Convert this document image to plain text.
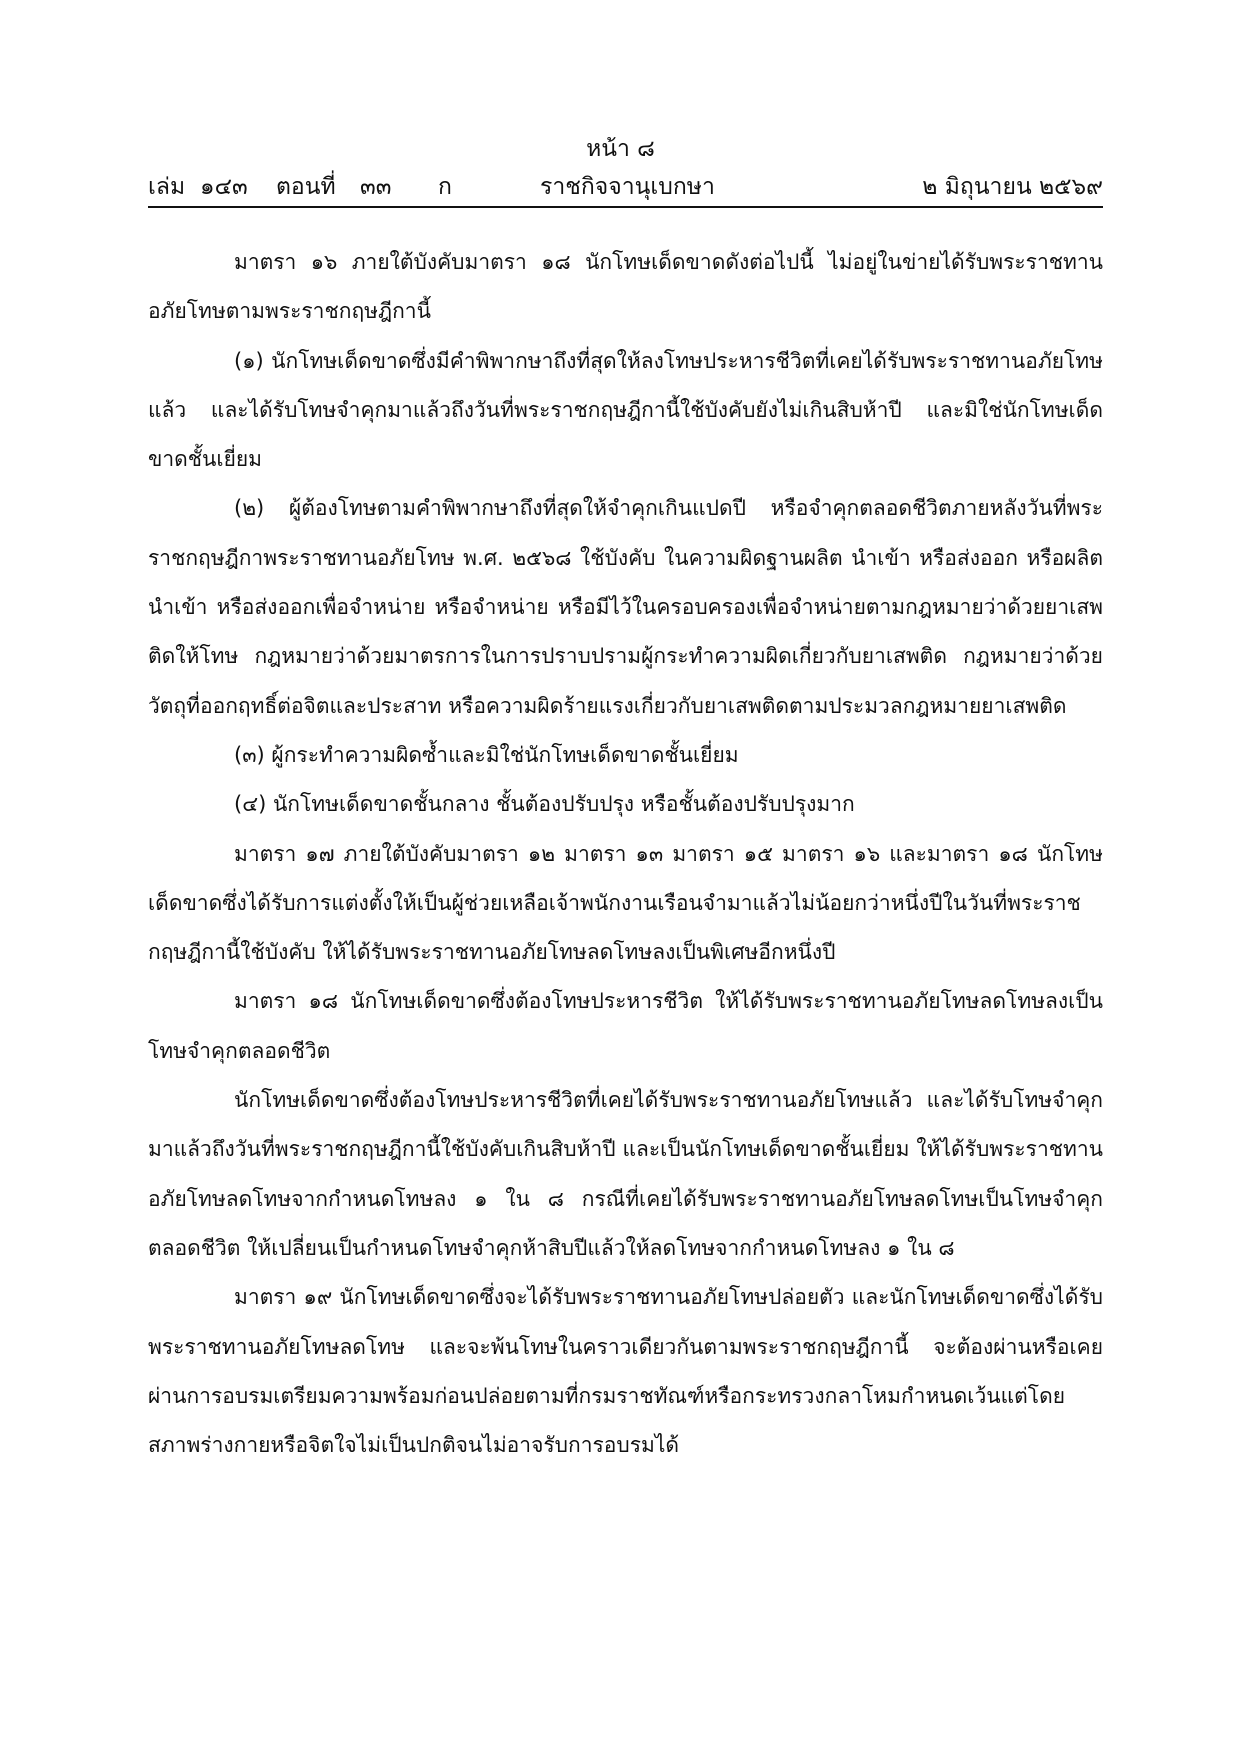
หน้า ๘
เล่ม ๑๔๓ ตอนที่ ๓๓ ก	ราชกิจจานุเบกษา	๒ มิถุนายน ๒๕๖๙

มาตรา ๑๖ ภายใต้บังคับมาตรา ๑๘ นักโทษเด็ดขาดดังต่อไปนี้ ไม่อยู่ในข่ายได้รับพระราชทานอภัยโทษตามพระราชกฤษฎีกานี้

(๑) นักโทษเด็ดขาดซึ่งมีคำพิพากษาถึงที่สุดให้ลงโทษประหารชีวิตที่เคยได้รับพระราชทานอภัยโทษแล้ว และได้รับโทษจำคุกมาแล้วถึงวันที่พระราชกฤษฎีกานี้ใช้บังคับยังไม่เกินสิบห้าปี และมิใช่นักโทษเด็ดขาดชั้นเยี่ยม

(๒) ผู้ต้องโทษตามคำพิพากษาถึงที่สุดให้จำคุกเกินแปดปี หรือจำคุกตลอดชีวิตภายหลังวันที่พระราชกฤษฎีกาพระราชทานอภัยโทษ พ.ศ. ๒๕๖๘ ใช้บังคับ ในความผิดฐานผลิต นำเข้า หรือส่งออก หรือผลิต นำเข้า หรือส่งออกเพื่อจำหน่าย หรือจำหน่าย หรือมีไว้ในครอบครองเพื่อจำหน่ายตามกฎหมายว่าด้วยยาเสพติดให้โทษ กฎหมายว่าด้วยมาตรการในการปราบปรามผู้กระทำความผิดเกี่ยวกับยาเสพติด กฎหมายว่าด้วยวัตถุที่ออกฤทธิ์ต่อจิตและประสาท หรือความผิดร้ายแรงเกี่ยวกับยาเสพติดตามประมวลกฎหมายยาเสพติด

(๓) ผู้กระทำความผิดซ้ำและมิใช่นักโทษเด็ดขาดชั้นเยี่ยม

(๔) นักโทษเด็ดขาดชั้นกลาง ชั้นต้องปรับปรุง หรือชั้นต้องปรับปรุงมาก

มาตรา ๑๗ ภายใต้บังคับมาตรา ๑๒ มาตรา ๑๓ มาตรา ๑๕ มาตรา ๑๖ และมาตรา ๑๘ นักโทษเด็ดขาดซึ่งได้รับการแต่งตั้งให้เป็นผู้ช่วยเหลือเจ้าพนักงานเรือนจำมาแล้วไม่น้อยกว่าหนึ่งปีในวันที่พระราชกฤษฎีกานี้ใช้บังคับ ให้ได้รับพระราชทานอภัยโทษลดโทษลงเป็นพิเศษอีกหนึ่งปี

มาตรา ๑๘ นักโทษเด็ดขาดซึ่งต้องโทษประหารชีวิต ให้ได้รับพระราชทานอภัยโทษลดโทษลงเป็นโทษจำคุกตลอดชีวิต

นักโทษเด็ดขาดซึ่งต้องโทษประหารชีวิตที่เคยได้รับพระราชทานอภัยโทษแล้ว และได้รับโทษจำคุกมาแล้วถึงวันที่พระราชกฤษฎีกานี้ใช้บังคับเกินสิบห้าปี และเป็นนักโทษเด็ดขาดชั้นเยี่ยม ให้ได้รับพระราชทานอภัยโทษลดโทษจากกำหนดโทษลง ๑ ใน ๘ กรณีที่เคยได้รับพระราชทานอภัยโทษลดโทษเป็นโทษจำคุกตลอดชีวิต ให้เปลี่ยนเป็นกำหนดโทษจำคุกห้าสิบปีแล้วให้ลดโทษจากกำหนดโทษลง ๑ ใน ๘

มาตรา ๑๙ นักโทษเด็ดขาดซึ่งจะได้รับพระราชทานอภัยโทษปล่อยตัว และนักโทษเด็ดขาดซึ่งได้รับพระราชทานอภัยโทษลดโทษ และจะพ้นโทษในคราวเดียวกันตามพระราชกฤษฎีกานี้ จะต้องผ่านหรือเคยผ่านการอบรมเตรียมความพร้อมก่อนปล่อยตามที่กรมราชทัณฑ์หรือกระทรวงกลาโหมกำหนดเว้นแต่โดยสภาพร่างกายหรือจิตใจไม่เป็นปกติจนไม่อาจรับการอบรมได้
